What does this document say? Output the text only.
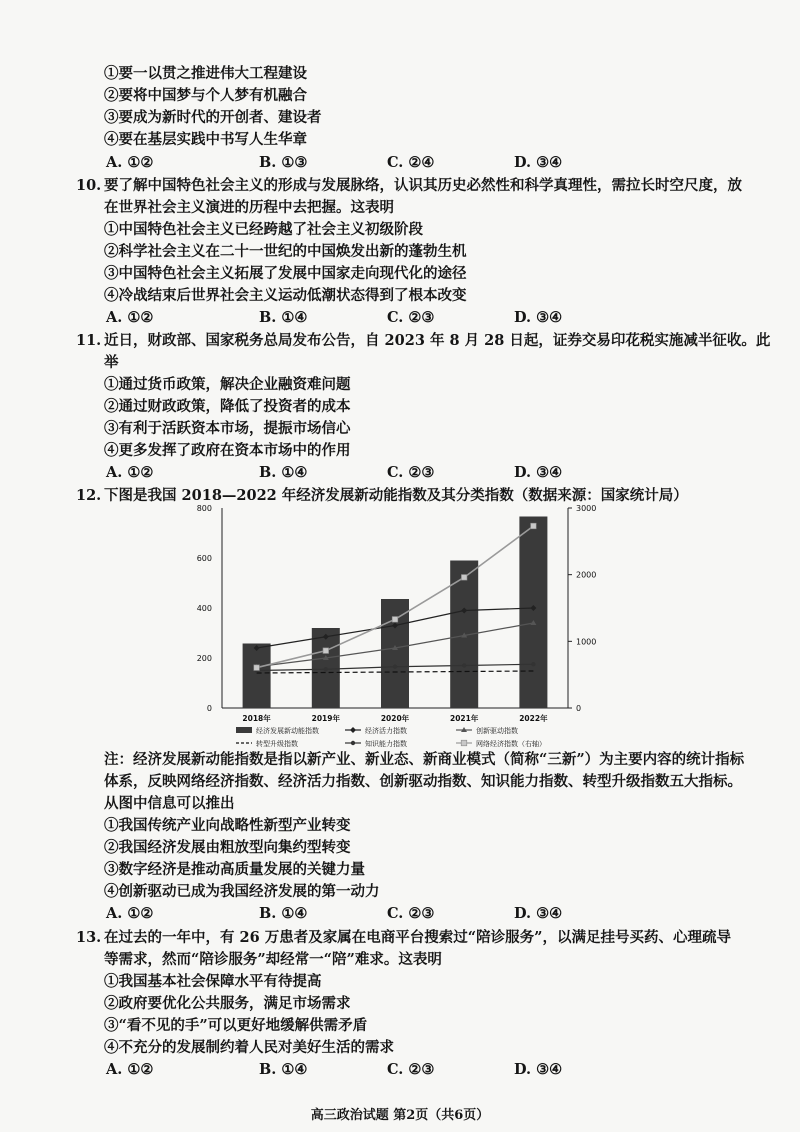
①要一以贯之推进伟大工程建设
②要将中国梦与个人梦有机融合
③要成为新时代的开创者、建设者
④要在基层实践中书写人生华章
A. ①②	B. ①③	C. ②④	D. ③④
10. 要了解中国特色社会主义的形成与发展脉络，认识其历史必然性和科学真理性，需拉长时空尺度，放
在世界社会主义演进的历程中去把握。这表明
①中国特色社会主义已经跨越了社会主义初级阶段
②科学社会主义在二十一世纪的中国焕发出新的蓬勃生机
③中国特色社会主义拓展了发展中国家走向现代化的途径
④冷战结束后世界社会主义运动低潮状态得到了根本改变
A. ①②	B. ①④	C. ②③	D. ③④
11. 近日，财政部、国家税务总局发布公告，自 2023 年 8 月 28 日起，证券交易印花税实施减半征收。此
举
①通过货币政策，解决企业融资难问题
②通过财政政策，降低了投资者的成本
③有利于活跃资本市场，提振市场信心
④更多发挥了政府在资本市场中的作用
A. ①②	B. ①④	C. ②③	D. ③④
12. 下图是我国 2018—2022 年经济发展新动能指数及其分类指数（数据来源：国家统计局）
0
200
400
600
800
0
1000
2000
3000
2018年	2019年	2020年	2021年	2022年
经济发展新动能指数	经济活力指数	创新驱动指数
转型升级指数	知识能力指数	网络经济指数（右轴）
注：经济发展新动能指数是指以新产业、新业态、新商业模式（简称“三新”）为主要内容的统计指标
体系，反映网络经济指数、经济活力指数、创新驱动指数、知识能力指数、转型升级指数五大指标。
从图中信息可以推出
①我国传统产业向战略性新型产业转变
②我国经济发展由粗放型向集约型转变
③数字经济是推动高质量发展的关键力量
④创新驱动已成为我国经济发展的第一动力
A. ①②	B. ①④	C. ②③	D. ③④
13. 在过去的一年中，有 26 万患者及家属在电商平台搜索过“陪诊服务”，以满足挂号买药、心理疏导
等需求，然而“陪诊服务”却经常一“陪”难求。这表明
①我国基本社会保障水平有待提高
②政府要优化公共服务，满足市场需求
③“看不见的手”可以更好地缓解供需矛盾
④不充分的发展制约着人民对美好生活的需求
A. ①②	B. ①④	C. ②③	D. ③④
高三政治试题 第2页（共6页）
